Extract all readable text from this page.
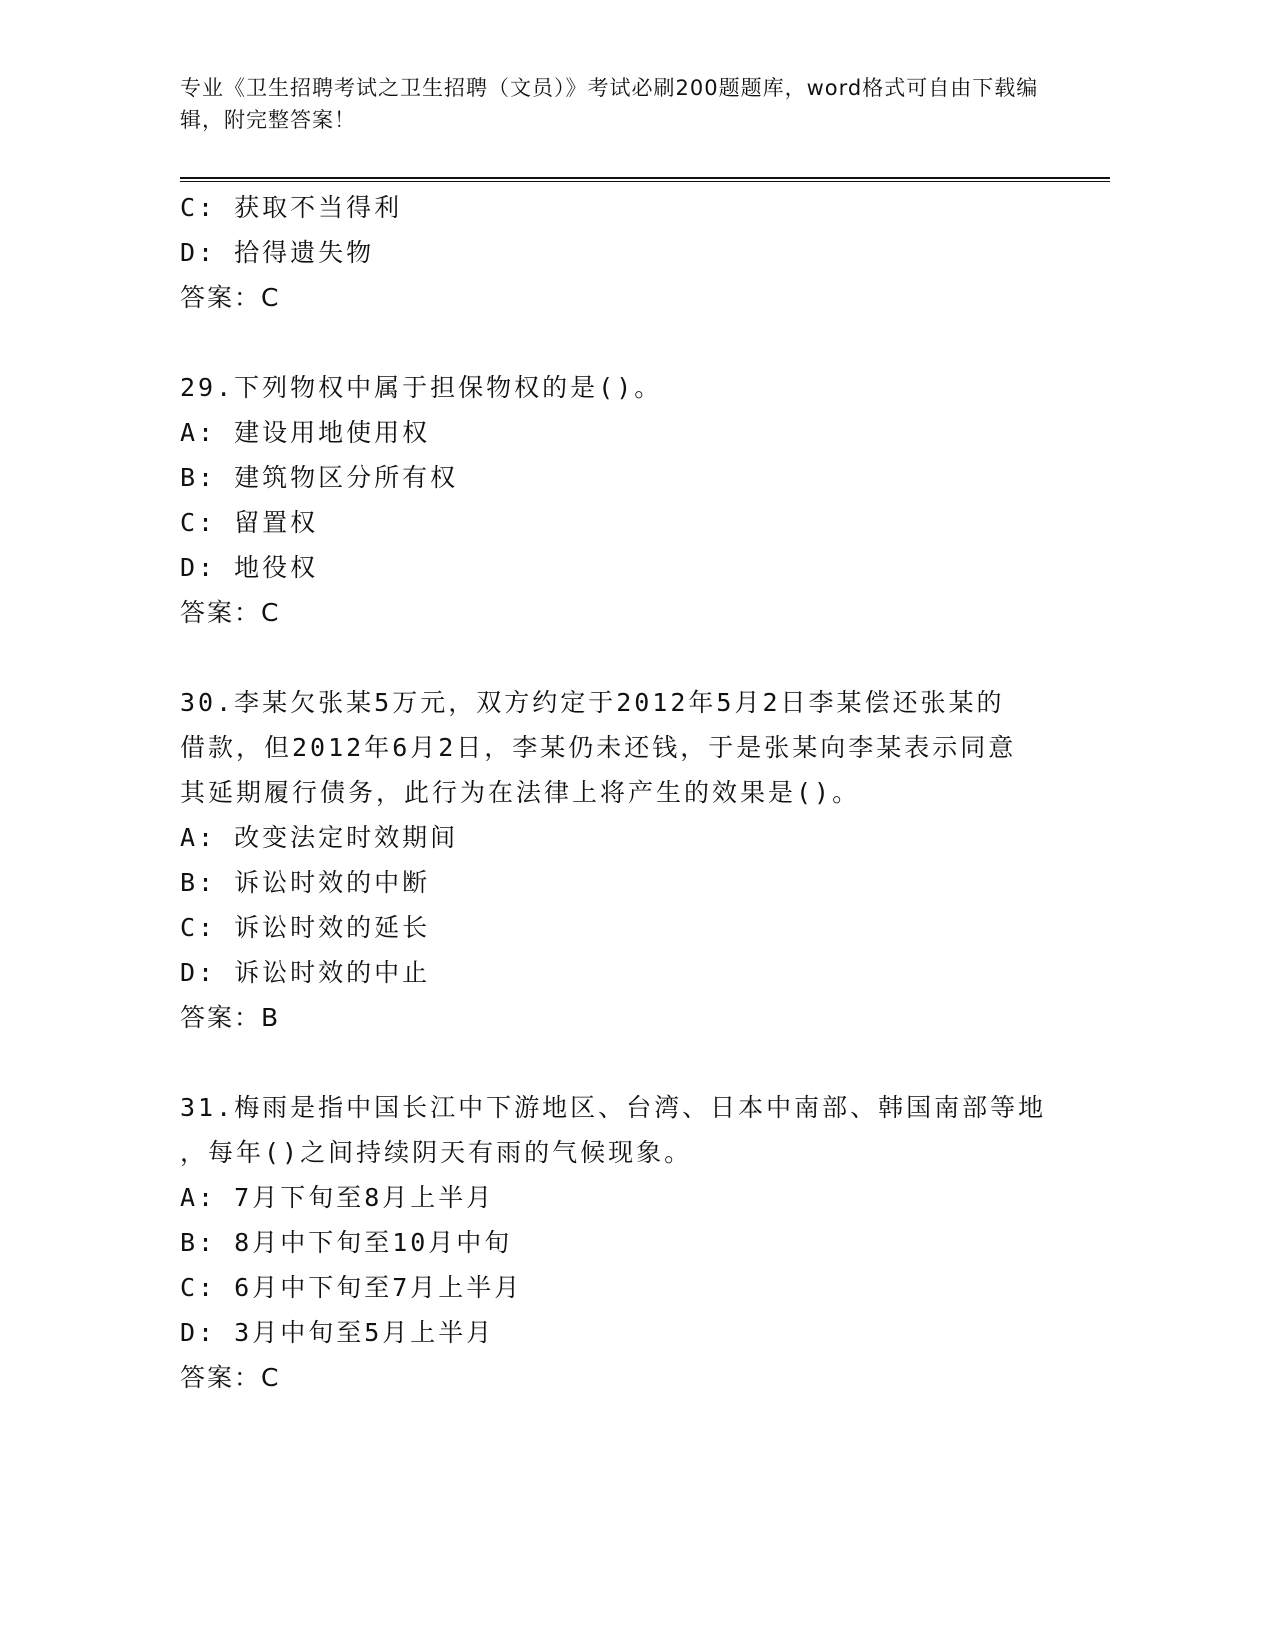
专业《卫生招聘考试之卫生招聘（文员）》考试必刷200题题库，word格式可自由下载编辑，附完整答案！
C: 获取不当得利
D: 拾得遗失物
答案：C
29.下列物权中属于担保物权的是()。
A: 建设用地使用权
B: 建筑物区分所有权
C: 留置权
D: 地役权
答案：C
30.李某欠张某5万元，双方约定于2012年5月2日李某偿还张某的
借款，但2012年6月2日，李某仍未还钱，于是张某向李某表示同意
其延期履行债务，此行为在法律上将产生的效果是()。
A: 改变法定时效期间
B: 诉讼时效的中断
C: 诉讼时效的延长
D: 诉讼时效的中止
答案：B
31.梅雨是指中国长江中下游地区、台湾、日本中南部、韩国南部等地
，每年()之间持续阴天有雨的气候现象。
A: 7月下旬至8月上半月
B: 8月中下旬至10月中旬
C: 6月中下旬至7月上半月
D: 3月中旬至5月上半月
答案：C
